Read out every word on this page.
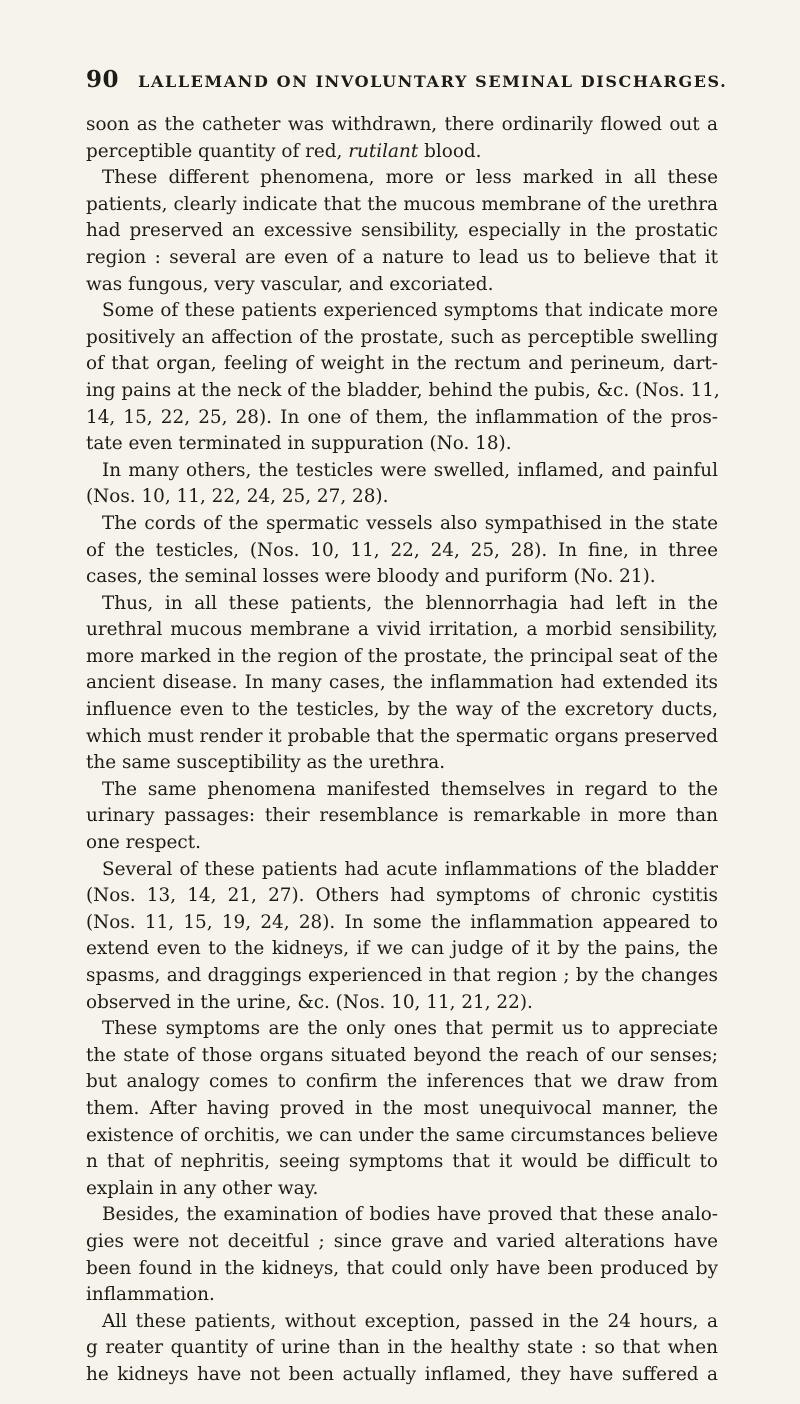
90 LALLEMAND ON INVOLUNTARY SEMINAL DISCHARGES.
soon as the catheter was withdrawn, there ordinarily flowed out a
perceptible quantity of red, rutilant blood.
These different phenomena, more or less marked in all these
patients, clearly indicate that the mucous membrane of the urethra
had preserved an excessive sensibility, especially in the prostatic
region : several are even of a nature to lead us to believe that it
was fungous, very vascular, and excoriated.
Some of these patients experienced symptoms that indicate more
positively an affection of the prostate, such as perceptible swelling
of that organ, feeling of weight in the rectum and perineum, dart-
ing pains at the neck of the bladder, behind the pubis, &c. (Nos. 11,
14, 15, 22, 25, 28). In one of them, the inflammation of the pros-
tate even terminated in suppuration (No. 18).
In many others, the testicles were swelled, inflamed, and painful
(Nos. 10, 11, 22, 24, 25, 27, 28).
The cords of the spermatic vessels also sympathised in the state
of the testicles, (Nos. 10, 11, 22, 24, 25, 28). In fine, in three
cases, the seminal losses were bloody and puriform (No. 21).
Thus, in all these patients, the blennorrhagia had left in the
urethral mucous membrane a vivid irritation, a morbid sensibility,
more marked in the region of the prostate, the principal seat of the
ancient disease. In many cases, the inflammation had extended its
influence even to the testicles, by the way of the excretory ducts,
which must render it probable that the spermatic organs preserved
the same susceptibility as the urethra.
The same phenomena manifested themselves in regard to the
urinary passages: their resemblance is remarkable in more than
one respect.
Several of these patients had acute inflammations of the bladder
(Nos. 13, 14, 21, 27). Others had symptoms of chronic cystitis
(Nos. 11, 15, 19, 24, 28). In some the inflammation appeared to
extend even to the kidneys, if we can judge of it by the pains, the
spasms, and draggings experienced in that region ; by the changes
observed in the urine, &c. (Nos. 10, 11, 21, 22).
These symptoms are the only ones that permit us to appreciate
the state of those organs situated beyond the reach of our senses;
but analogy comes to confirm the inferences that we draw from
them. After having proved in the most unequivocal manner, the
existence of orchitis, we can under the same circumstances believe
n that of nephritis, seeing symptoms that it would be difficult to
explain in any other way.
Besides, the examination of bodies have proved that these analo-
gies were not deceitful ; since grave and varied alterations have
been found in the kidneys, that could only have been produced by
inflammation.
All these patients, without exception, passed in the 24 hours, a
g reater quantity of urine than in the healthy state : so that when
he kidneys have not been actually inflamed, they have suffered a
